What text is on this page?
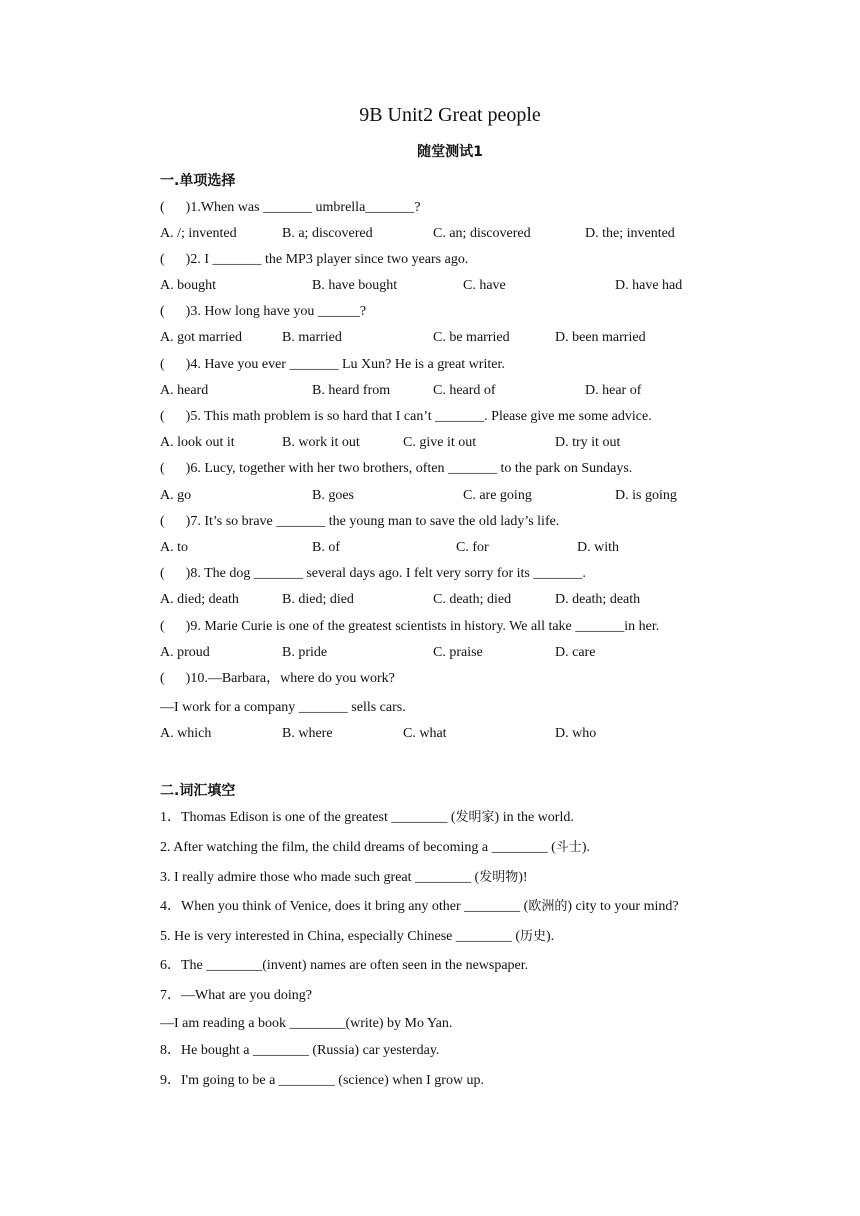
9B Unit2 Great people
随堂测试1
一.单项选择
(      )1.When was _______ umbrella_______?
A. /; invented	B. a; discovered	C. an; discovered	D. the; invented
(      )2. I _______ the MP3 player since two years ago.
A. bought	B. have bought	C. have	D. have had
(      )3. How long have you ______?
A. got married	B. married	C. be married	D. been married
(      )4. Have you ever _______ Lu Xun? He is a great writer.
A. heard	B. heard from	C. heard of	D. hear of
(      )5. This math problem is so hard that I can’t _______. Please give me some advice.
A. look out it	B. work it out	C. give it out	D. try it out
(      )6. Lucy, together with her two brothers, often _______ to the park on Sundays.
A. go	B. goes	C. are going	D. is going
(      )7. It’s so brave _______ the young man to save the old lady’s life.
A. to	B. of	C. for	D. with
(      )8. The dog _______ several days ago. I felt very sorry for its _______.
A. died; death	B. died; died	C. death; died	D. death; death
(      )9. Marie Curie is one of the greatest scientists in history. We all take _______in her.
A. proud	B. pride	C. praise	D. care
(      )10.—Barbara，where do you work?
—I work for a company _______ sells cars.
A. which	B. where	C. what	D. who
二.词汇填空
1．Thomas Edison is one of the greatest ________ (发明家) in the world.
2. After watching the film, the child dreams of becoming a ________ (斗士).
3. I really admire those who made such great ________ (发明物)!
4．When you think of Venice, does it bring any other ________ (欧洲的) city to your mind?
5. He is very interested in China, especially Chinese ________ (历史).
6．The ________(invent) names are often seen in the newspaper.
7．—What are you doing?
—I am reading a book ________(write) by Mo Yan.
8．He bought a ________ (Russia) car yesterday.
9．I'm going to be a ________ (science) when I grow up.
